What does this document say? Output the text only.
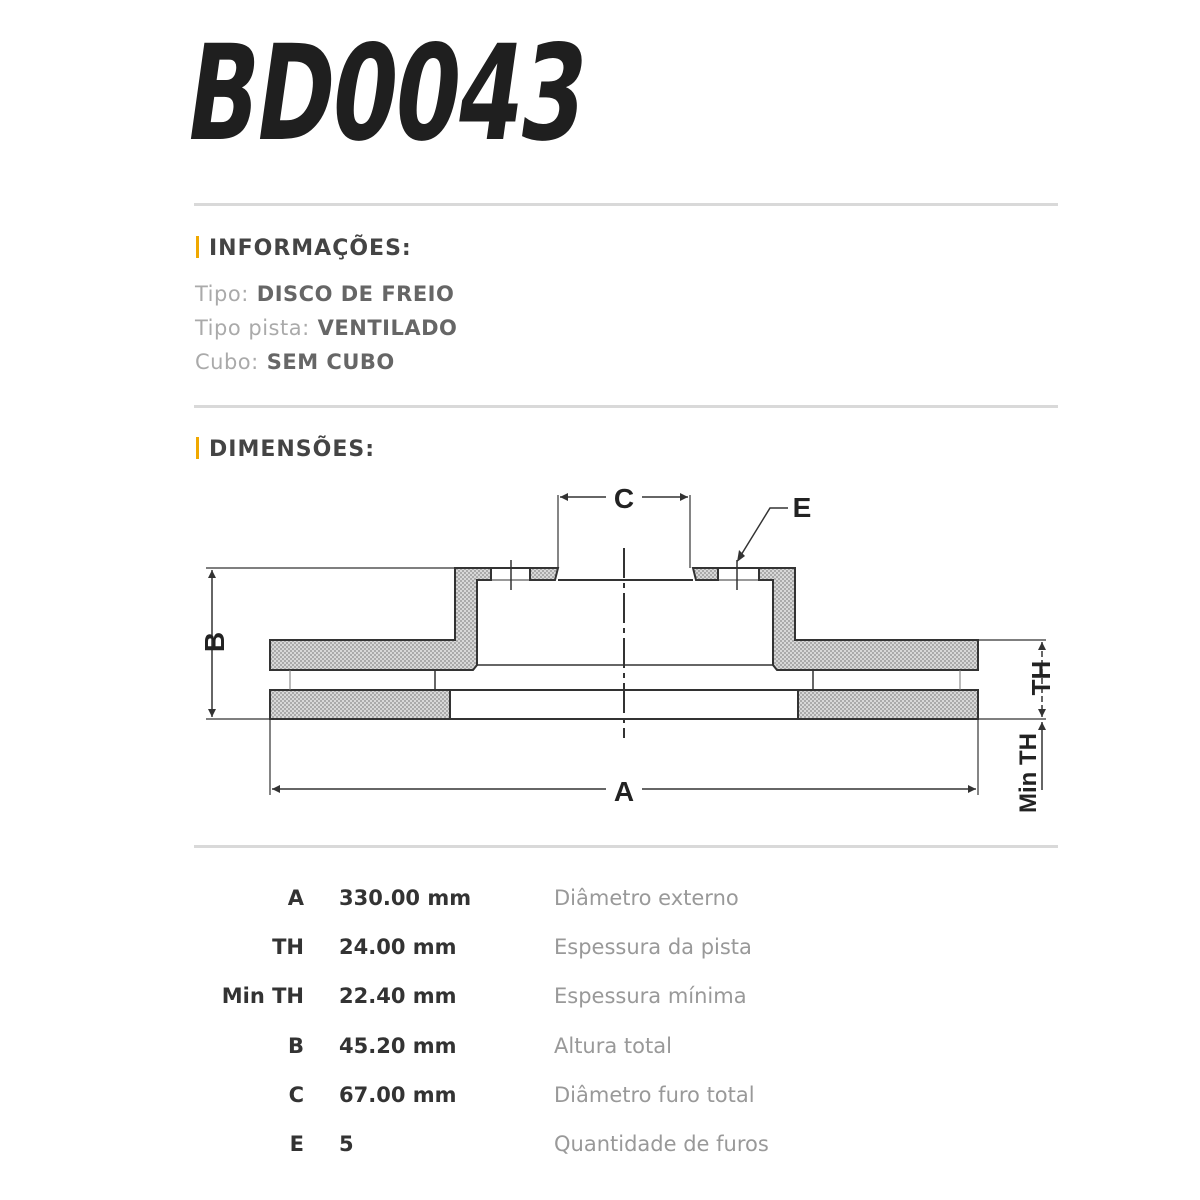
BD0043
INFORMAÇÕES:
Tipo: DISCO DE FREIO
Tipo pista: VENTILADO
Cubo: SEM CUBO
DIMENSÕES:
C	E
B
A
TH
Min TH
A 330.00 mm	Diâmetro externo
TH 24.00 mm	Espessura da pista
Min TH 22.40 mm	Espessura mínima
B 45.20 mm	Altura total
C 67.00 mm	Diâmetro furo total
E 5	Quantidade de furos
